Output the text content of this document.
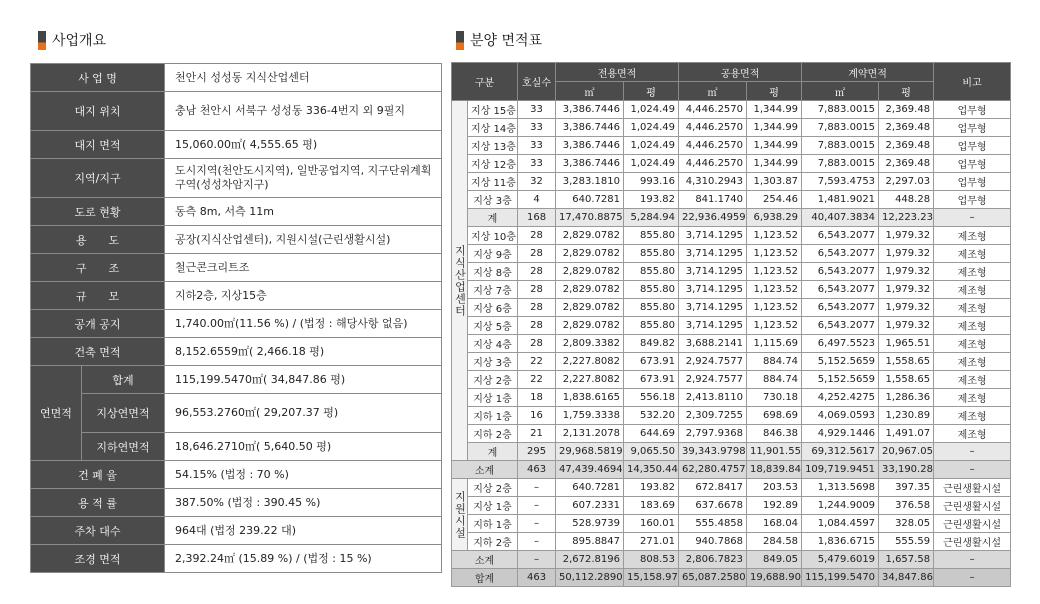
사업개요	분양 면적표
사 업 명		천안시 성성동 지식산업센터
대지 위치		충남 천안시 서북구 성성동 336-4번지 외 9필지
대지 면적		15,060.00㎡( 4,555.65 평)
지역/지구		도시지역(천안도시지역), 일반공업지역, 지구단위계획구역(성성차암지구)
도로 현황		동측 8m, 서측 11m
용　　도		공장(지식산업센터), 지원시설(근린생활시설)
구　　조		철근콘크리트조
규　　모		지하2층, 지상15층
공개 공지		1,740.00㎡(11.56 %) / (법정 : 해당사항 없음)
건축 면적		8,152.6559㎡( 2,466.18 평)
연면적	합계	115,199.5470㎡( 34,847.86 평)
	지상연면적	96,553.2760㎡( 29,207.37 평)
	지하연면적	18,646.2710㎡( 5,640.50 평)
건 폐 율		54.15% (법정 : 70 %)
용 적 률		387.50% (법정 : 390.45 %)
주차 대수		964대 (법정 239.22 대)
조경 면적		2,392.24㎡ (15.89 %) / (법정 : 15 %)
구분		호실수	전용면적		공용면적		계약면적		비고
			㎡	평	㎡	평	㎡	평	
지식산업센터	지상 15층	33	3,386.7446	1,024.49	4,446.2570	1,344.99	7,883.0015	2,369.48	업무형
	지상 14층	33	3,386.7446	1,024.49	4,446.2570	1,344.99	7,883.0015	2,369.48	업무형
	지상 13층	33	3,386.7446	1,024.49	4,446.2570	1,344.99	7,883.0015	2,369.48	업무형
	지상 12층	33	3,386.7446	1,024.49	4,446.2570	1,344.99	7,883.0015	2,369.48	업무형
	지상 11층	32	3,283.1810	993.16	4,310.2943	1,303.87	7,593.4753	2,297.03	업무형
	지상 3층	4	640.7281	193.82	841.1740	254.46	1,481.9021	448.28	업무형
	계	168	17,470.8875	5,284.94	22,936.4959	6,938.29	40,407.3834	12,223.23	–
	지상 10층	28	2,829.0782	855.80	3,714.1295	1,123.52	6,543.2077	1,979.32	제조형
	지상 9층	28	2,829.0782	855.80	3,714.1295	1,123.52	6,543.2077	1,979.32	제조형
	지상 8층	28	2,829.0782	855.80	3,714.1295	1,123.52	6,543.2077	1,979.32	제조형
	지상 7층	28	2,829.0782	855.80	3,714.1295	1,123.52	6,543.2077	1,979.32	제조형
	지상 6층	28	2,829.0782	855.80	3,714.1295	1,123.52	6,543.2077	1,979.32	제조형
	지상 5층	28	2,829.0782	855.80	3,714.1295	1,123.52	6,543.2077	1,979.32	제조형
	지상 4층	28	2,809.3382	849.82	3,688.2141	1,115.69	6,497.5523	1,965.51	제조형
	지상 3층	22	2,227.8082	673.91	2,924.7577	884.74	5,152.5659	1,558.65	제조형
	지상 2층	22	2,227.8082	673.91	2,924.7577	884.74	5,152.5659	1,558.65	제조형
	지상 1층	18	1,838.6165	556.18	2,413.8110	730.18	4,252.4275	1,286.36	제조형
	지하 1층	16	1,759.3338	532.20	2,309.7255	698.69	4,069.0593	1,230.89	제조형
	지하 2층	21	2,131.2078	644.69	2,797.9368	846.38	4,929.1446	1,491.07	제조형
	계	295	29,968.5819	9,065.50	39,343.9798	11,901.55	69,312.5617	20,967.05	–
소계		463	47,439.4694	14,350.44	62,280.4757	18,839.84	109,719.9451	33,190.28	–
지원시설	지상 2층	–	640.7281	193.82	672.8417	203.53	1,313.5698	397.35	근린생활시설
	지상 1층	–	607.2331	183.69	637.6678	192.89	1,244.9009	376.58	근린생활시설
	지하 1층	–	528.9739	160.01	555.4858	168.04	1,084.4597	328.05	근린생활시설
	지하 2층	–	895.8847	271.01	940.7868	284.58	1,836.6715	555.59	근린생활시설
소계		–	2,672.8196	808.53	2,806.7823	849.05	5,479.6019	1,657.58	–
합계		463	50,112.2890	15,158.97	65,087.2580	19,688.90	115,199.5470	34,847.86	–
